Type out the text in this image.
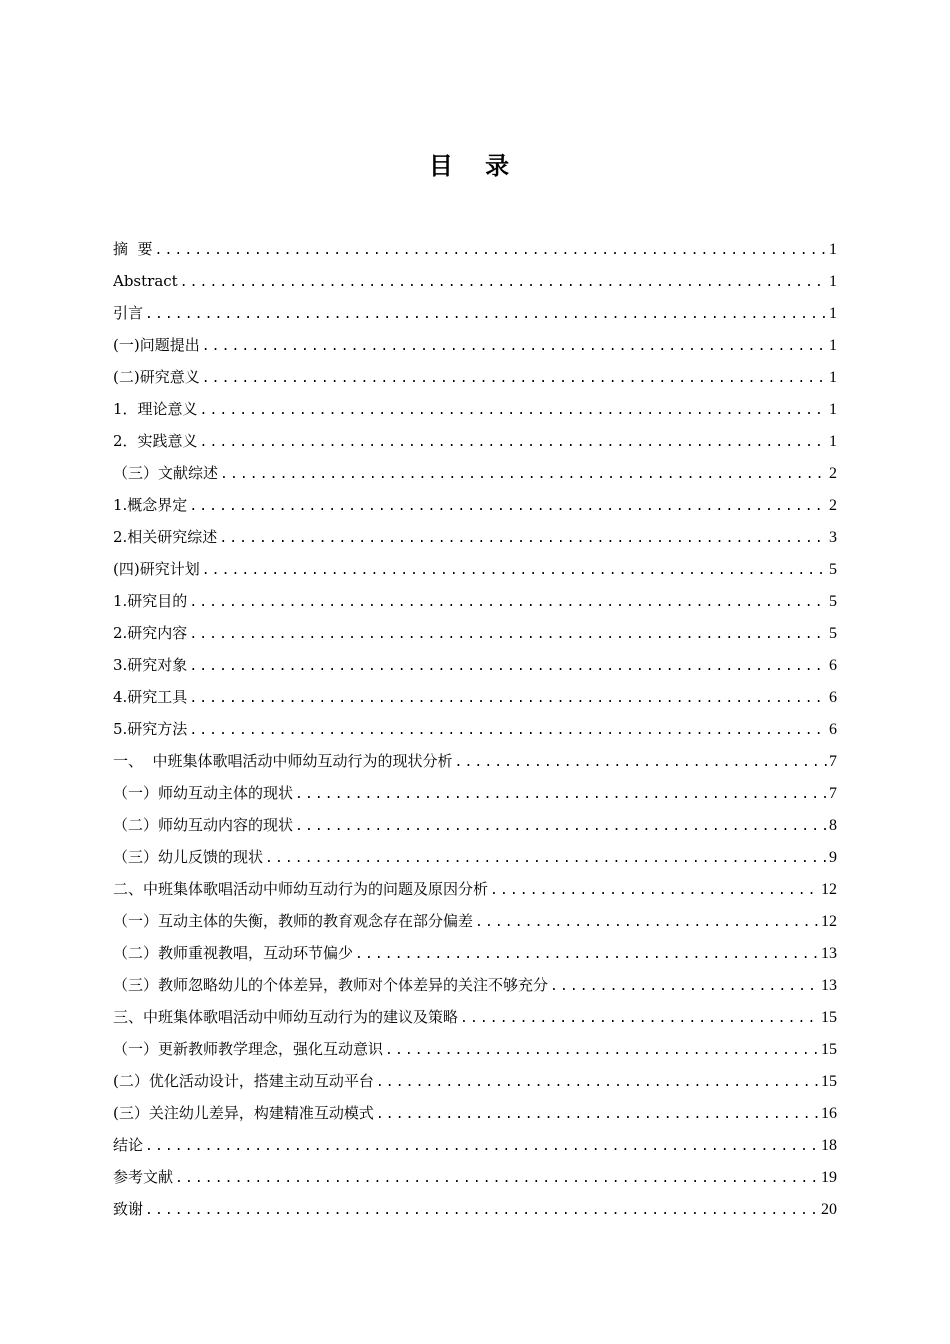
目 录
摘  要 .....	1
Abstract .....	1
引言 .....	1
(一)问题提出 .....	1
(二)研究意义 .....	1
1．理论意义 .....	1
2．实践意义 .....	1
（三）文献综述 .....	2
1.概念界定 .....	2
2.相关研究综述 .....	3
(四)研究计划 .....	5
1.研究目的 .....	5
2.研究内容 .....	5
3.研究对象 .....	6
4.研究工具 .....	6
5.研究方法 .....	6
一、  中班集体歌唱活动中师幼互动行为的现状分析 .....	7
（一）师幼互动主体的现状 .....	7
（二）师幼互动内容的现状 .....	8
（三）幼儿反馈的现状 .....	9
二、中班集体歌唱活动中师幼互动行为的问题及原因分析 .....	12
（一）互动主体的失衡，教师的教育观念存在部分偏差 .....	12
（二）教师重视教唱，互动环节偏少 .....	13
（三）教师忽略幼儿的个体差异，教师对个体差异的关注不够充分 .....	13
三、中班集体歌唱活动中师幼互动行为的建议及策略 .....	15
（一）更新教师教学理念，强化互动意识 .....	15
(二）优化活动设计，搭建主动互动平台 .....	15
(三）关注幼儿差异，构建精准互动模式 .....	16
结论 .....	18
参考文献 .....	19
致谢 .....	20
